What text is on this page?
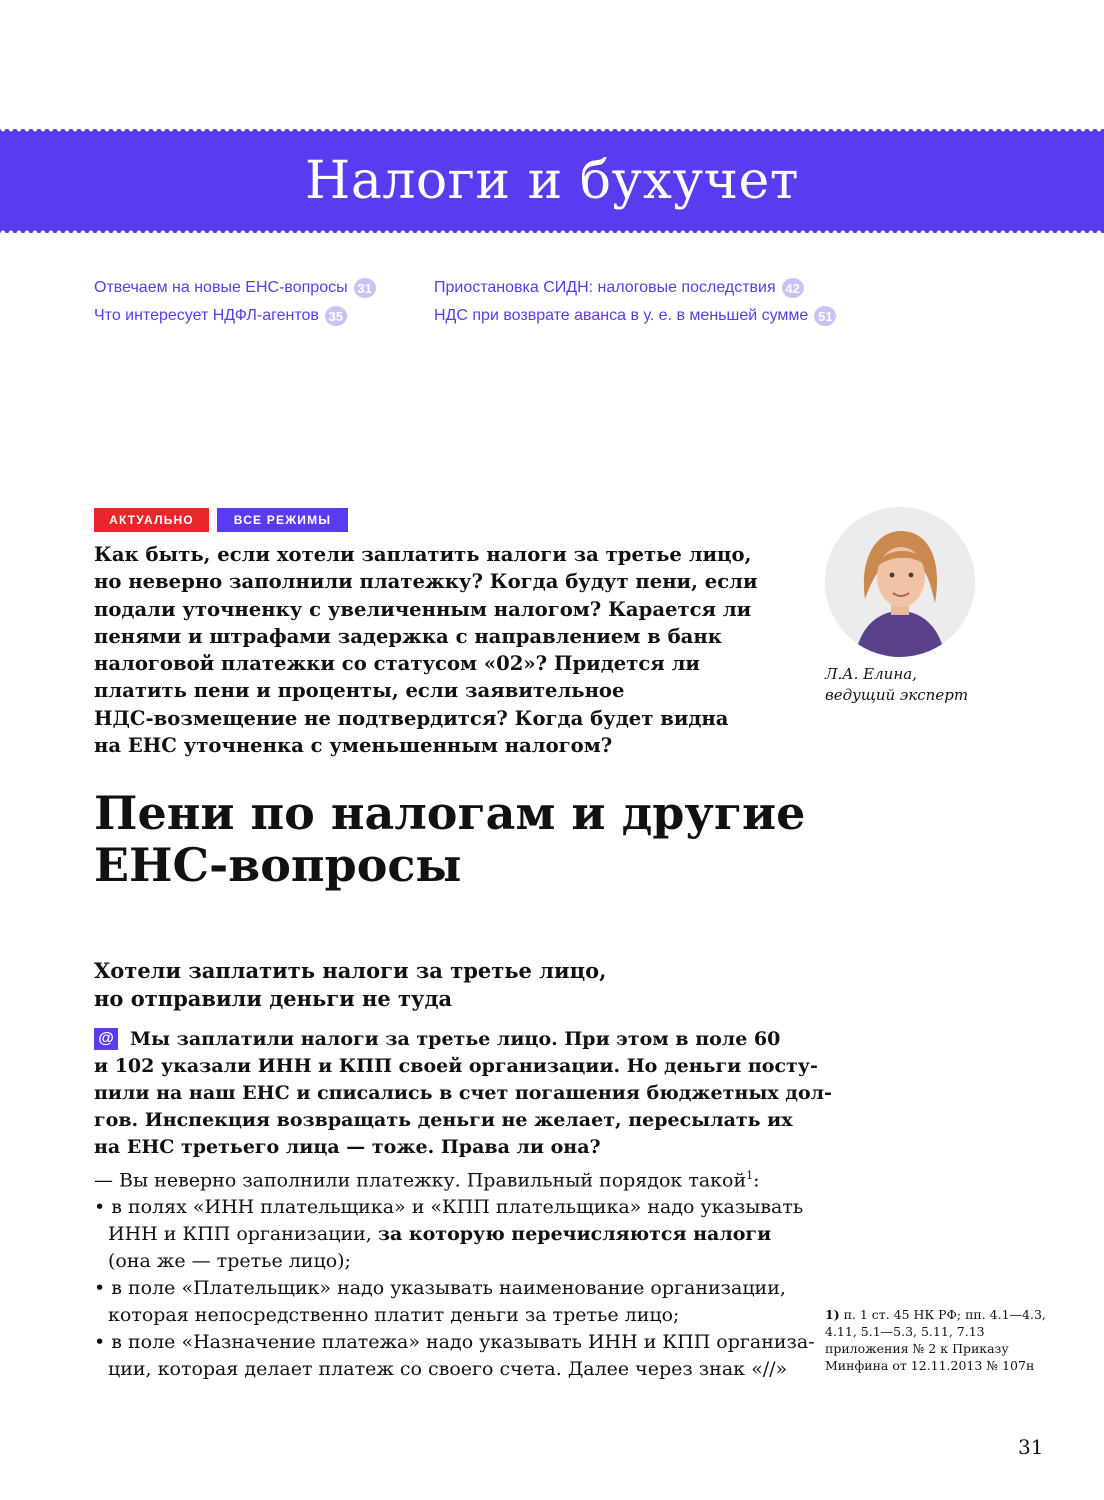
Налоги и бухучет
Отвечаем на новые ЕНС-вопросы 31
Что интересует НДФЛ-агентов 35
Приостановка СИДН: налоговые последствия 42
НДС при возврате аванса в у. е. в меньшей сумме 51
АКТУАЛЬНО	ВСЕ РЕЖИМЫ
Как быть, если хотели заплатить налоги за третье лицо,
но неверно заполнили платежку? Когда будут пени, если
подали уточненку с увеличенным налогом? Карается ли
пенями и штрафами задержка с направлением в банк
налоговой платежки со статусом «02»? Придется ли
платить пени и проценты, если заявительное
НДС-возмещение не подтвердится? Когда будет видна
на ЕНС уточненка с уменьшенным налогом?
Л.А. Елина,
ведущий эксперт
Пени по налогам и другие
ЕНС-вопросы
Хотели заплатить налоги за третье лицо,
но отправили деньги не туда
@ Мы заплатили налоги за третье лицо. При этом в поле 60
и 102 указали ИНН и КПП своей организации. Но деньги посту-
пили на наш ЕНС и списались в счет погашения бюджетных дол-
гов. Инспекция возвращать деньги не желает, пересылать их
на ЕНС третьего лица — тоже. Права ли она?
— Вы неверно заполнили платежку. Правильный порядок такой$^1$:
• в полях «ИНН плательщика» и «КПП плательщика» надо указывать
ИНН и КПП организации, за которую перечисляются налоги
(она же — третье лицо);
• в поле «Плательщик» надо указывать наименование организации,
которая непосредственно платит деньги за третье лицо;
• в поле «Назначение платежа» надо указывать ИНН и КПП организа-
ции, которая делает платеж со своего счета. Далее через знак «//»
1) п. 1 ст. 45 НК РФ; пп. 4.1—4.3, 4.11, 5.1—5.3, 5.11, 7.13 приложения № 2 к Приказу Минфина от 12.11.2013 № 107н
31
